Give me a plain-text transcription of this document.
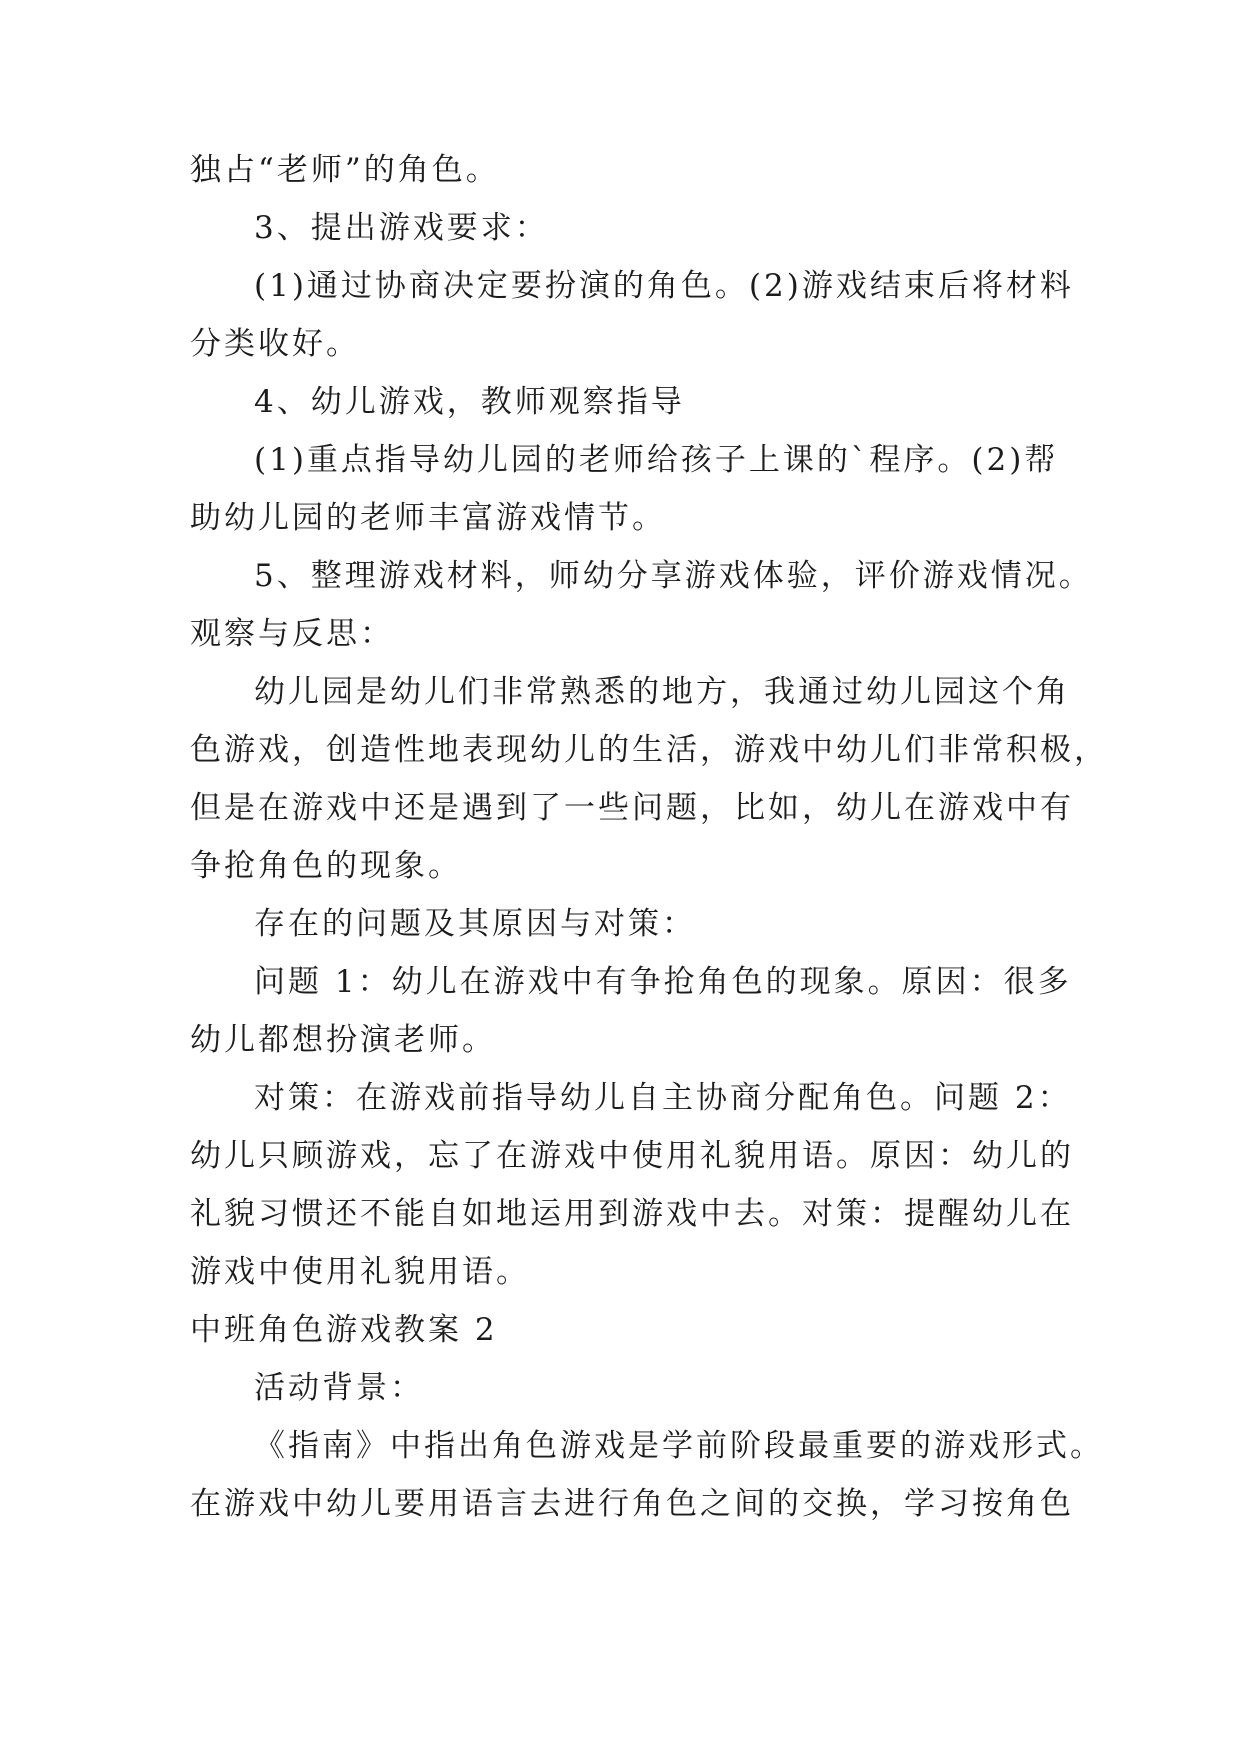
独占“老师”的角色。
3、提出游戏要求：
(1)通过协商决定要扮演的角色。(2)游戏结束后将材料
分类收好。
4、幼儿游戏，教师观察指导
(1)重点指导幼儿园的老师给孩子上课的`程序。(2)帮
助幼儿园的老师丰富游戏情节。
5、整理游戏材料，师幼分享游戏体验，评价游戏情况。
观察与反思：
幼儿园是幼儿们非常熟悉的地方，我通过幼儿园这个角
色游戏，创造性地表现幼儿的生活，游戏中幼儿们非常积极，
但是在游戏中还是遇到了一些问题，比如，幼儿在游戏中有
争抢角色的现象。
存在的问题及其原因与对策：
问题 1：幼儿在游戏中有争抢角色的现象。原因：很多
幼儿都想扮演老师。
对策：在游戏前指导幼儿自主协商分配角色。问题 2：
幼儿只顾游戏，忘了在游戏中使用礼貌用语。原因：幼儿的
礼貌习惯还不能自如地运用到游戏中去。对策：提醒幼儿在
游戏中使用礼貌用语。
中班角色游戏教案 2
活动背景：
《指南》中指出角色游戏是学前阶段最重要的游戏形式。
在游戏中幼儿要用语言去进行角色之间的交换，学习按角色
